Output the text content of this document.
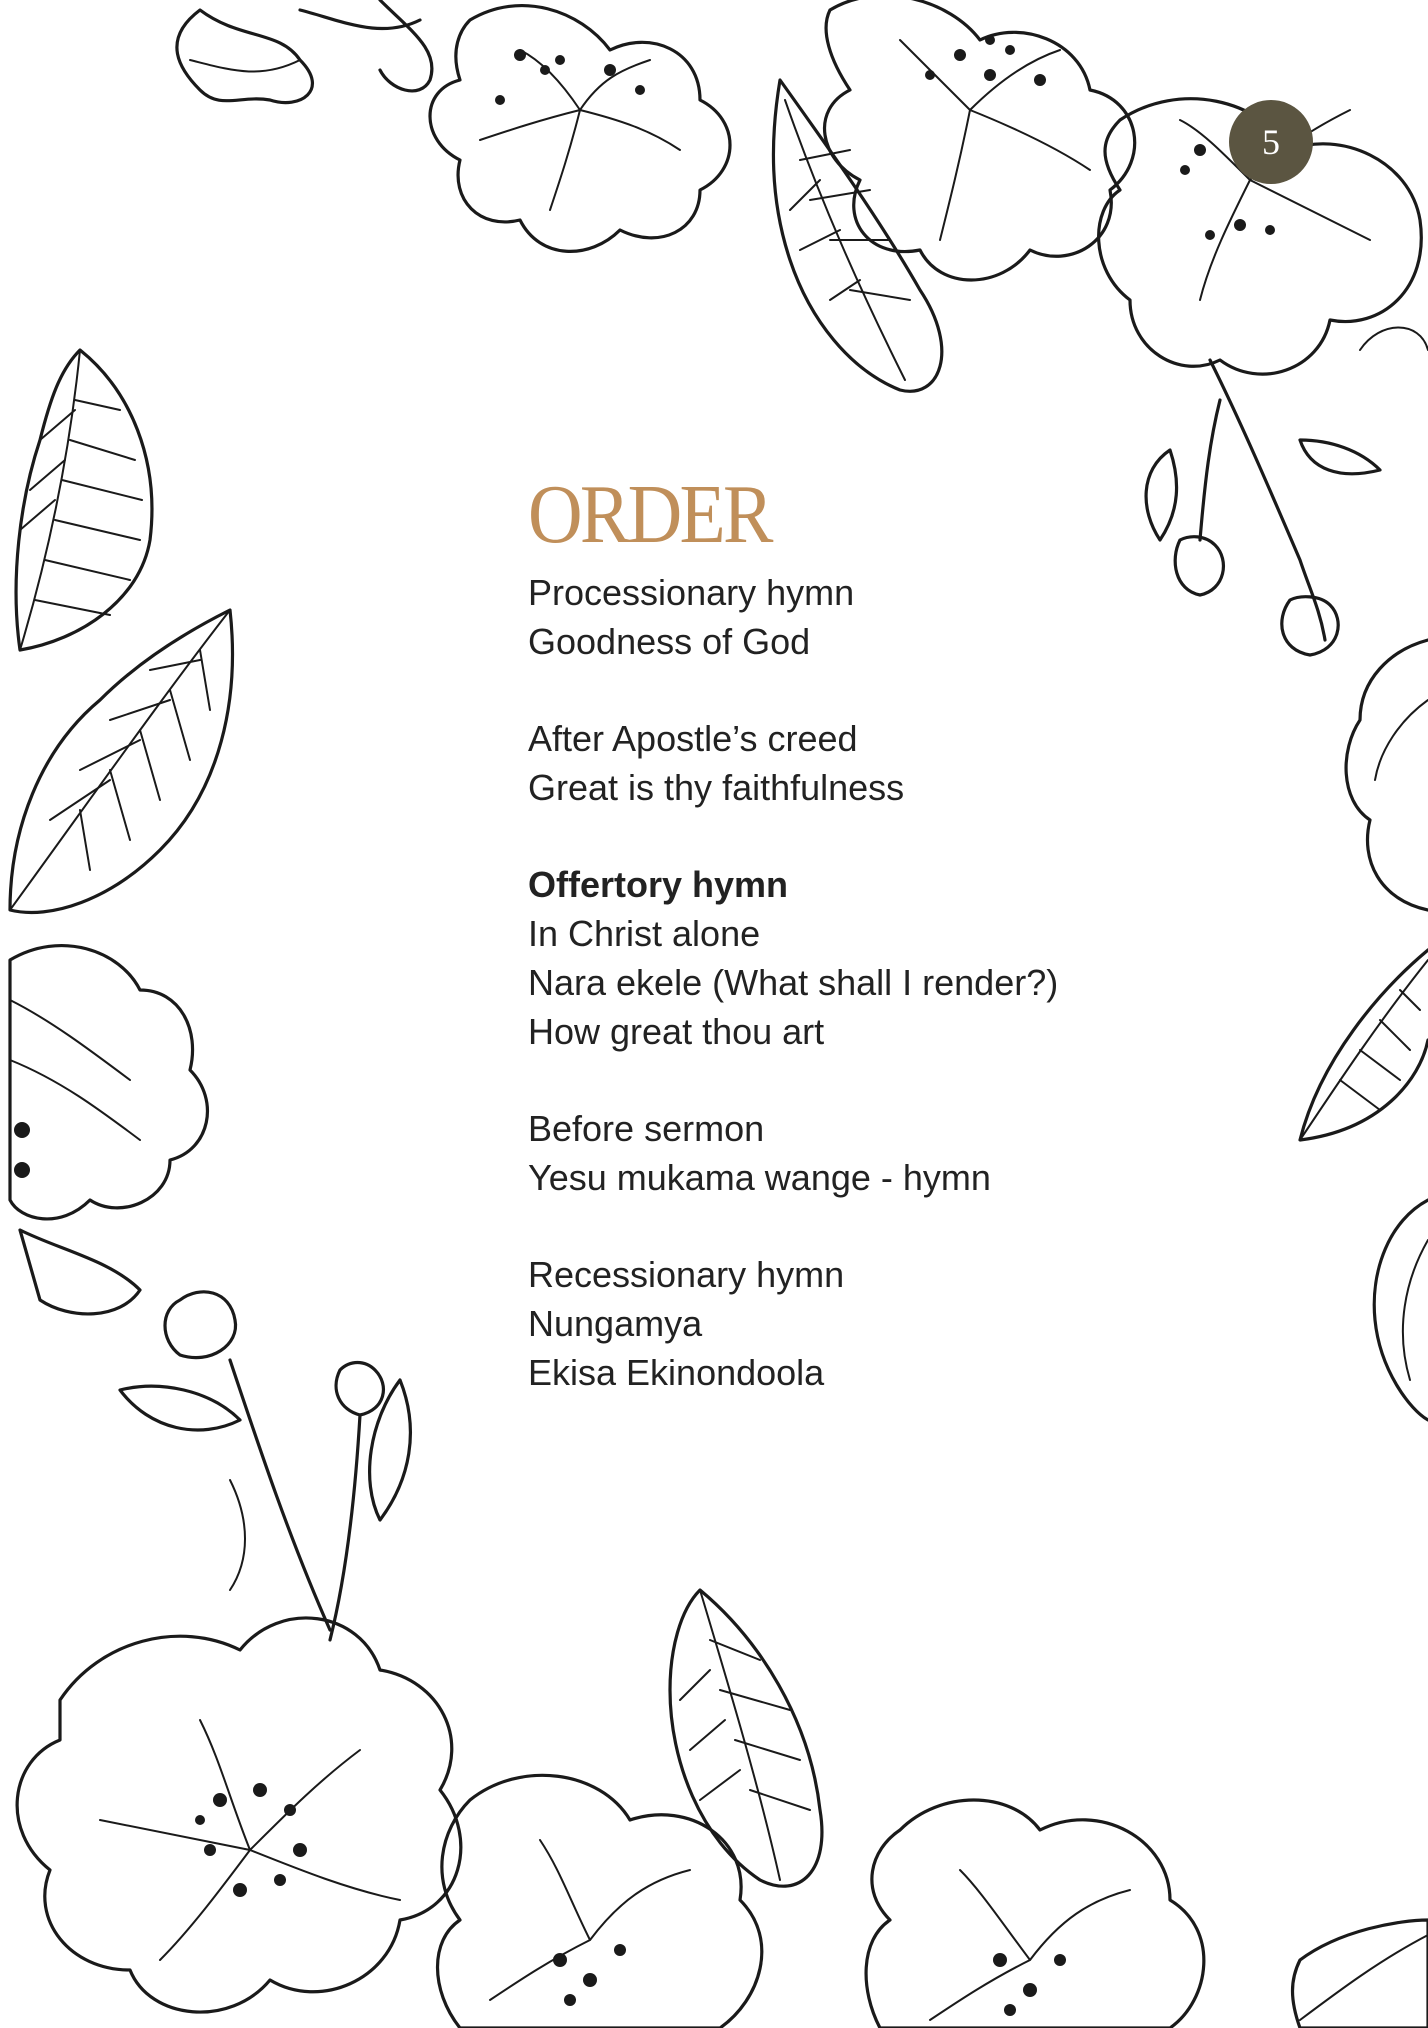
5
ORDER
Processionary hymn
Goodness of God
After Apostle’s creed
Great is thy faithfulness
Offertory hymn
In Christ alone
Nara ekele (What shall I render?)
How great thou art
Before sermon
Yesu mukama wange - hymn
Recessionary hymn
Nungamya
Ekisa Ekinondoola
